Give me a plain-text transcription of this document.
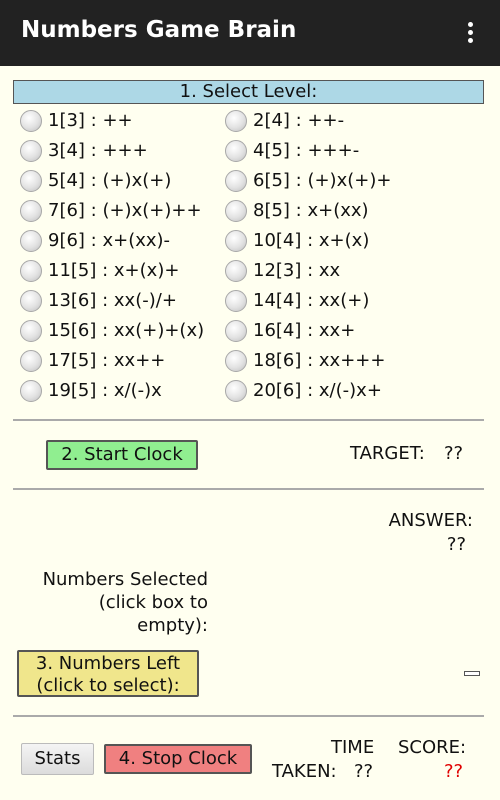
Numbers Game Brain
1. Select Level:
1[3] : ++	2[4] : ++-
3[4] : +++	4[5] : +++-
5[4] : (+)x(+)	6[5] : (+)x(+)+
7[6] : (+)x(+)++	8[5] : x+(xx)
9[6] : x+(xx)-	10[4] : x+(x)
11[5] : x+(x)+	12[3] : xx
13[6] : xx(-)/+	14[4] : xx(+)
15[6] : xx(+)+(x)	16[4] : xx+
17[5] : xx++	18[6] : xx+++
19[5] : x/(-)x	20[6] : x/(-)x+
2. Start Clock	TARGET: ??
ANSWER:
??
Numbers Selected
(click box to
empty):
3. Numbers Left
(click to select):
Stats	4. Stop Clock
TIME
TAKEN: ??
SCORE:
??
